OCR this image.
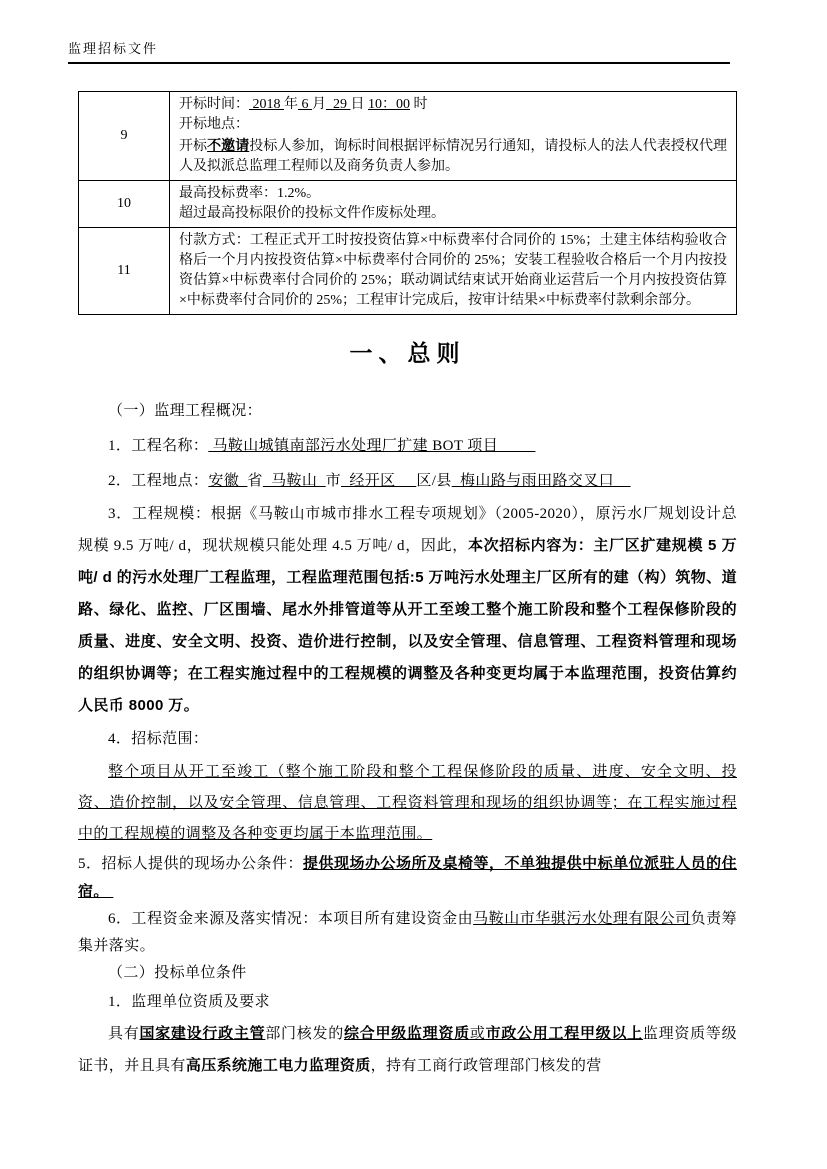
监理招标文件
9	开标时间： 2018 年 6 月  29 日 10：00 时
开标地点：
开标不邀请投标人参加，询标时间根据评标情况另行通知，请投标人的法人代表授权代理人及拟派总监理工程师以及商务负责人参加。

10	最高投标费率：1.2%。
超过最高投标限价的投标文件作废标处理。

11	付款方式：工程正式开工时按投资估算×中标费率付合同价的 15%；土建主体结构验收合格后一个月内按投资估算×中标费率付合同价的 25%；安装工程验收合格后一个月内按投资估算×中标费率付合同价的 25%；联动调试结束试开始商业运营后一个月内按投资估算×中标费率付合同价的 25%；工程审计完成后，按审计结果×中标费率付款剩余部分。
一、总则

（一）监理工程概况：

1．工程名称： 马鞍山城镇南部污水处理厂扩建 BOT 项目

2．工程地点：安徽  省  马鞍山  市  经开区     区/县  梅山路与雨田路交叉口

3．工程规模：根据《马鞍山市城市排水工程专项规划》（2005-2020），原污水厂规划设计总规模 9.5 万吨/ d，现状规模只能处理 4.5 万吨/ d，因此，本次招标内容为：主厂区扩建规模 5 万吨/ d 的污水处理厂工程监理，工程监理范围包括:5 万吨污水处理主厂区所有的建（构）筑物、道路、绿化、监控、厂区围墙、尾水外排管道等从开工至竣工整个施工阶段和整个工程保修阶段的质量、进度、安全文明、投资、造价进行控制，以及安全管理、信息管理、工程资料管理和现场的组织协调等；在工程实施过程中的工程规模的调整及各种变更均属于本监理范围，投资估算约人民币 8000 万。

4．招标范围：

整个项目从开工至竣工（整个施工阶段和整个工程保修阶段的质量、进度、安全文明、投资、造价控制，以及安全管理、信息管理、工程资料管理和现场的组织协调等；在工程实施过程中的工程规模的调整及各种变更均属于本监理范围。

5．招标人提供的现场办公条件：提供现场办公场所及桌椅等，不单独提供中标单位派驻人员的住宿。

6．工程资金来源及落实情况：本项目所有建设资金由马鞍山市华骐污水处理有限公司负责筹集并落实。

（二）投标单位条件

1．监理单位资质及要求

具有国家建设行政主管部门核发的综合甲级监理资质或市政公用工程甲级以上监理资质等级证书，并且具有高压系统施工电力监理资质，持有工商行政管理部门核发的营
